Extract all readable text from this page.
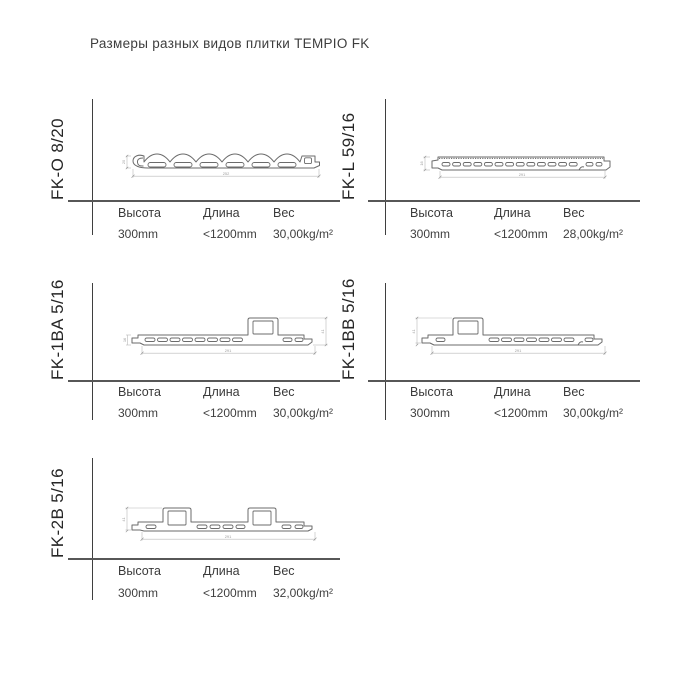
Размеры разных видов плитки TEMPIO FK
FK-O 8/20	252
20
Высота	Длина	Вес
300mm	<1200mm 30,00kg/m²
FK-L 59/16	291
16
Высота	Длина	Вес
300mm	<1200mm 28,00kg/m²
FK-1BA 5/16	41
16
291
Высота	Длина	Вес
300mm	<1200mm 30,00kg/m²
FK-1BB 5/16	41
291
Высота	Длина	Вес
300mm	<1200mm 30,00kg/m²
FK-2B 5/16	41
291
Высота	Длина	Вес
300mm	<1200mm 32,00kg/m²
